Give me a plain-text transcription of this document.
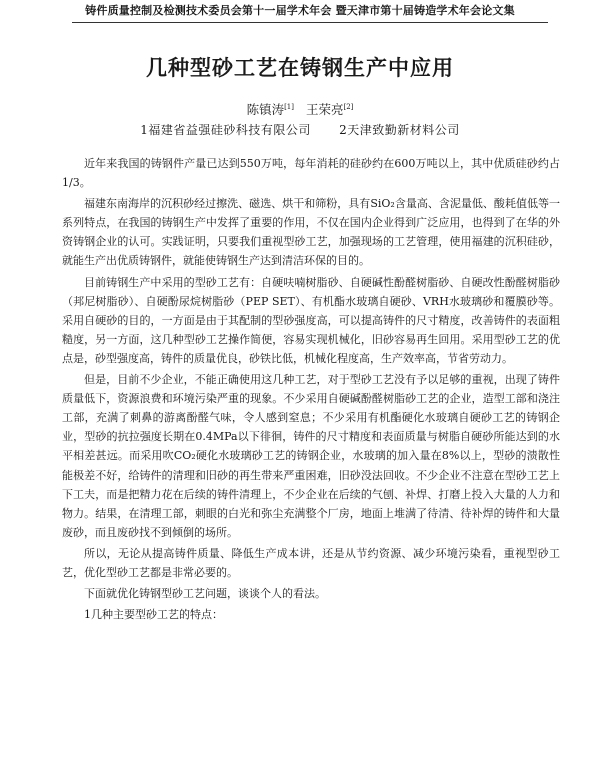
铸件质量控制及检测技术委员会第十一届学术年会 暨天津市第十届铸造学术年会论文集
几种型砂工艺在铸钢生产中应用
陈镇涛[1] 王荣亮[2]
1福建省益强硅砂科技有限公司 2天津致勤新材料公司

近年来我国的铸钢件产量已达到550万吨，每年消耗的硅砂约在600万吨以上，其中优质硅砂约占1/3。

福建东南海岸的沉积砂经过擦洗、磁选、烘干和筛粉，具有SiO₂含量高、含泥量低、酸耗值低等一系列特点，在我国的铸钢生产中发挥了重要的作用，不仅在国内企业得到广泛应用，也得到了在华的外资铸钢企业的认可。实践证明，只要我们重视型砂工艺，加强现场的工艺管理，使用福建的沉积硅砂，就能生产出优质铸钢件，就能使铸钢生产达到清洁环保的目的。

目前铸钢生产中采用的型砂工艺有：自硬呋喃树脂砂、自硬碱性酚醛树脂砂、自硬改性酚醛树脂砂（邦尼树脂砂）、自硬酚尿烷树脂砂（PEP SET）、有机酯水玻璃自硬砂、VRH水玻璃砂和覆膜砂等。采用自硬砂的目的，一方面是由于其配制的型砂强度高，可以提高铸件的尺寸精度，改善铸件的表面粗糙度，另一方面，这几种型砂工艺操作简便，容易实现机械化，旧砂容易再生回用。采用型砂工艺的优点是，砂型强度高，铸件的质量优良，砂铁比低，机械化程度高，生产效率高，节省劳动力。

但是，目前不少企业，不能正确使用这几种工艺，对于型砂工艺没有予以足够的重视，出现了铸件质量低下，资源浪费和环境污染严重的现象。不少采用自硬碱酚醛树脂砂工艺的企业，造型工部和浇注工部，充满了刺鼻的游离酚醛气味，令人感到窒息；不少采用有机酯硬化水玻璃自硬砂工艺的铸钢企业，型砂的抗拉强度长期在0.4MPa以下徘徊，铸件的尺寸精度和表面质量与树脂自硬砂所能达到的水平相差甚远。而采用吹CO₂硬化水玻璃砂工艺的铸钢企业，水玻璃的加入量在8%以上，型砂的溃散性能极差不好，给铸件的清理和旧砂的再生带来严重困难，旧砂没法回收。不少企业不注意在型砂工艺上下工夫，而是把精力花在后续的铸件清理上，不少企业在后续的气刨、补焊、打磨上投入大量的人力和物力。结果，在清理工部，刺眼的白光和弥尘充满整个厂房，地面上堆满了待清、待补焊的铸件和大量废砂，而且废砂找不到倾倒的场所。

所以，无论从提高铸件质量、降低生产成本讲，还是从节约资源、减少环境污染看，重视型砂工艺，优化型砂工艺都是非常必要的。

下面就优化铸钢型砂工艺问题，谈谈个人的看法。

1几种主要型砂工艺的特点：
